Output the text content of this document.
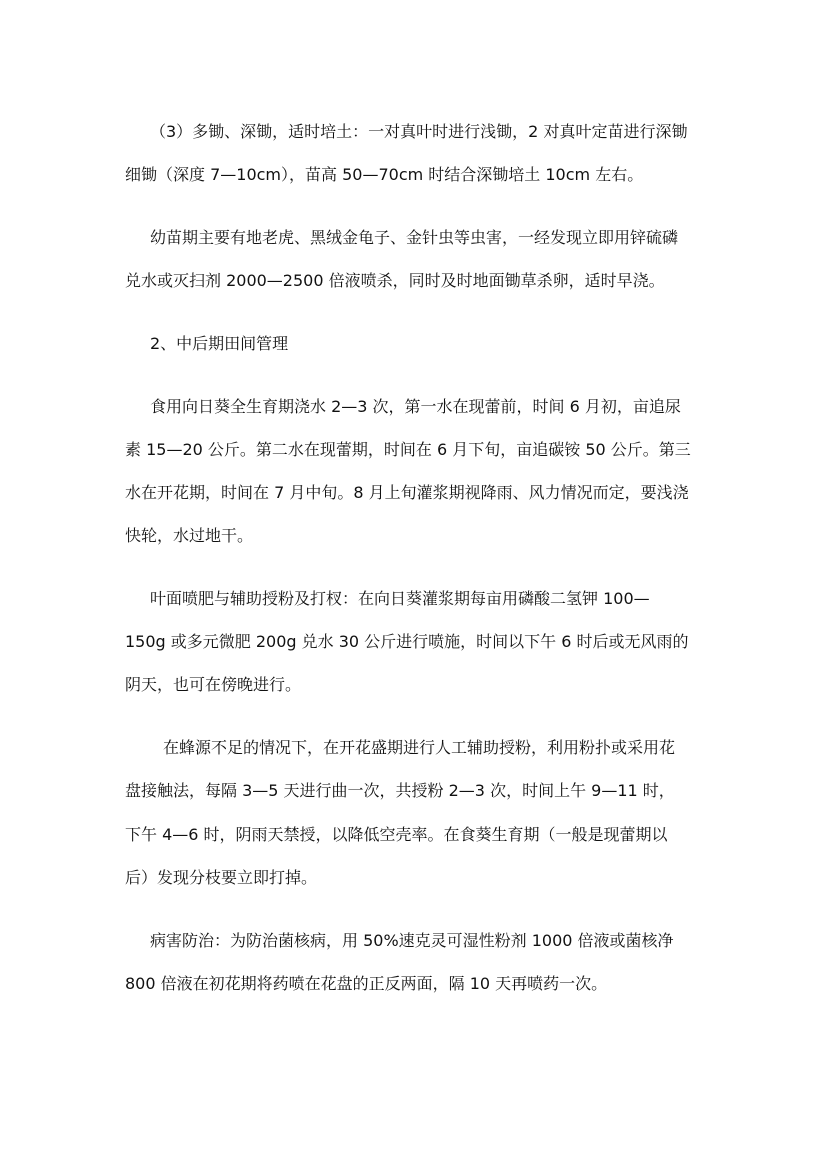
（3）多锄、深锄，适时培土：一对真叶时进行浅锄，2 对真叶定苗进行深锄
细锄（深度 7—10cm），苗高 50—70cm 时结合深锄培土 10cm 左右。
幼苗期主要有地老虎、黑绒金龟子、金针虫等虫害，一经发现立即用锌硫磷
兑水或灭扫剂 2000—2500 倍液喷杀，同时及时地面锄草杀卵，适时早浇。
2、中后期田间管理
食用向日葵全生育期浇水 2—3 次，第一水在现蕾前，时间 6 月初，亩追尿
素 15—20 公斤。第二水在现蕾期，时间在 6 月下旬，亩追碳铵 50 公斤。第三
水在开花期，时间在 7 月中旬。8 月上旬灌浆期视降雨、风力情况而定，要浅浇
快轮，水过地干。
叶面喷肥与辅助授粉及打杈：在向日葵灌浆期每亩用磷酸二氢钾 100—
150g 或多元微肥 200g 兑水 30 公斤进行喷施，时间以下午 6 时后或无风雨的
阴天，也可在傍晚进行。
在蜂源不足的情况下，在开花盛期进行人工辅助授粉，利用粉扑或采用花
盘接触法，每隔 3—5 天进行曲一次，共授粉 2—3 次，时间上午 9—11 时，
下午 4—6 时，阴雨天禁授，以降低空壳率。在食葵生育期（一般是现蕾期以
后）发现分枝要立即打掉。
病害防治：为防治菌核病，用 50%速克灵可湿性粉剂 1000 倍液或菌核净
800 倍液在初花期将药喷在花盘的正反两面，隔 10 天再喷药一次。
